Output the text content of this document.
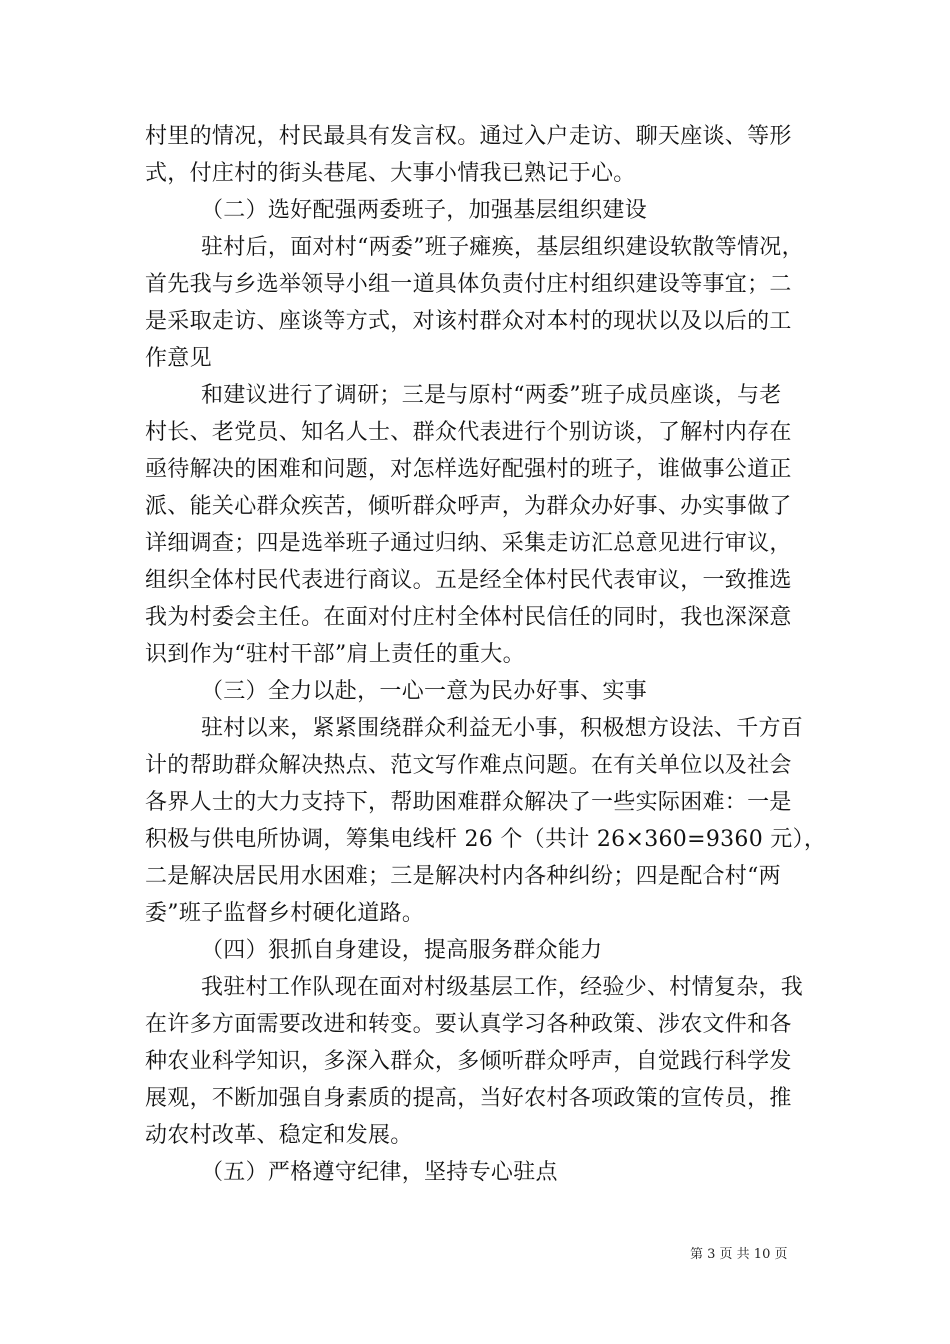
村里的情况，村民最具有发言权。通过入户走访、聊天座谈、等形
式，付庄村的街头巷尾、大事小情我已熟记于心。
（二）选好配强两委班子，加强基层组织建设
驻村后，面对村“两委”班子瘫痪，基层组织建设软散等情况，
首先我与乡选举领导小组一道具体负责付庄村组织建设等事宜；二
是采取走访、座谈等方式，对该村群众对本村的现状以及以后的工
作意见
和建议进行了调研；三是与原村“两委”班子成员座谈，与老
村长、老党员、知名人士、群众代表进行个别访谈，了解村内存在
亟待解决的困难和问题，对怎样选好配强村的班子，谁做事公道正
派、能关心群众疾苦，倾听群众呼声，为群众办好事、办实事做了
详细调查；四是选举班子通过归纳、采集走访汇总意见进行审议，
组织全体村民代表进行商议。五是经全体村民代表审议，一致推选
我为村委会主任。在面对付庄村全体村民信任的同时，我也深深意
识到作为“驻村干部”肩上责任的重大。
（三）全力以赴，一心一意为民办好事、实事
驻村以来，紧紧围绕群众利益无小事，积极想方设法、千方百
计的帮助群众解决热点、范文写作难点问题。在有关单位以及社会
各界人士的大力支持下，帮助困难群众解决了一些实际困难：一是
积极与供电所协调，筹集电线杆 26 个（共计 26×360=9360 元），
二是解决居民用水困难；三是解决村内各种纠纷；四是配合村“两
委”班子监督乡村硬化道路。
（四）狠抓自身建设，提高服务群众能力
我驻村工作队现在面对村级基层工作，经验少、村情复杂，我
在许多方面需要改进和转变。要认真学习各种政策、涉农文件和各
种农业科学知识，多深入群众，多倾听群众呼声，自觉践行科学发
展观，不断加强自身素质的提高，当好农村各项政策的宣传员，推
动农村改革、稳定和发展。
（五）严格遵守纪律，坚持专心驻点
第 3 页 共 10 页
